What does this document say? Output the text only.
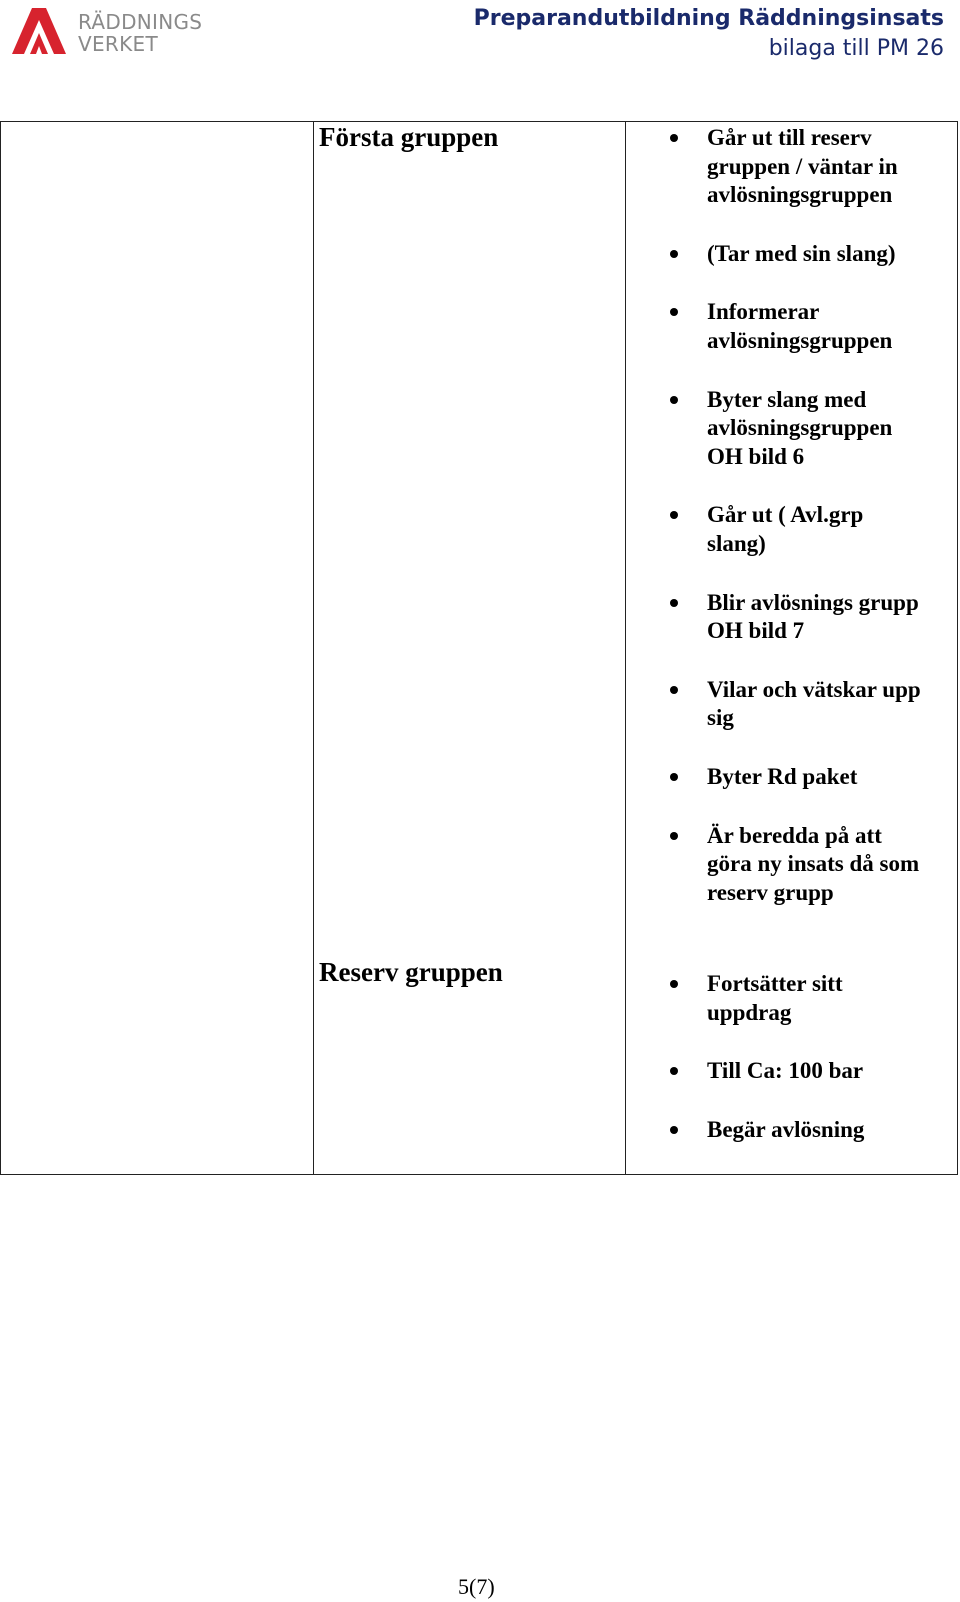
RÄDDNINGS
VERKET
Preparandutbildning Räddningsinsats
bilaga till PM 26
Första gruppen	Går ut till reserv gruppen / väntar in avlösningsgruppen
(Tar med sin slang)
Informerar avlösningsgruppen
Byter slang med avlösningsgruppen OH bild 6
Går ut ( Avl.grp slang)
Blir avlösnings grupp OH bild 7
Vilar och vätskar upp sig
Byter Rd paket
Är beredda på att göra ny insats då som reserv grupp
Reserv gruppen	Fortsätter sitt uppdrag
Till Ca: 100 bar
Begär avlösning
5(7)
